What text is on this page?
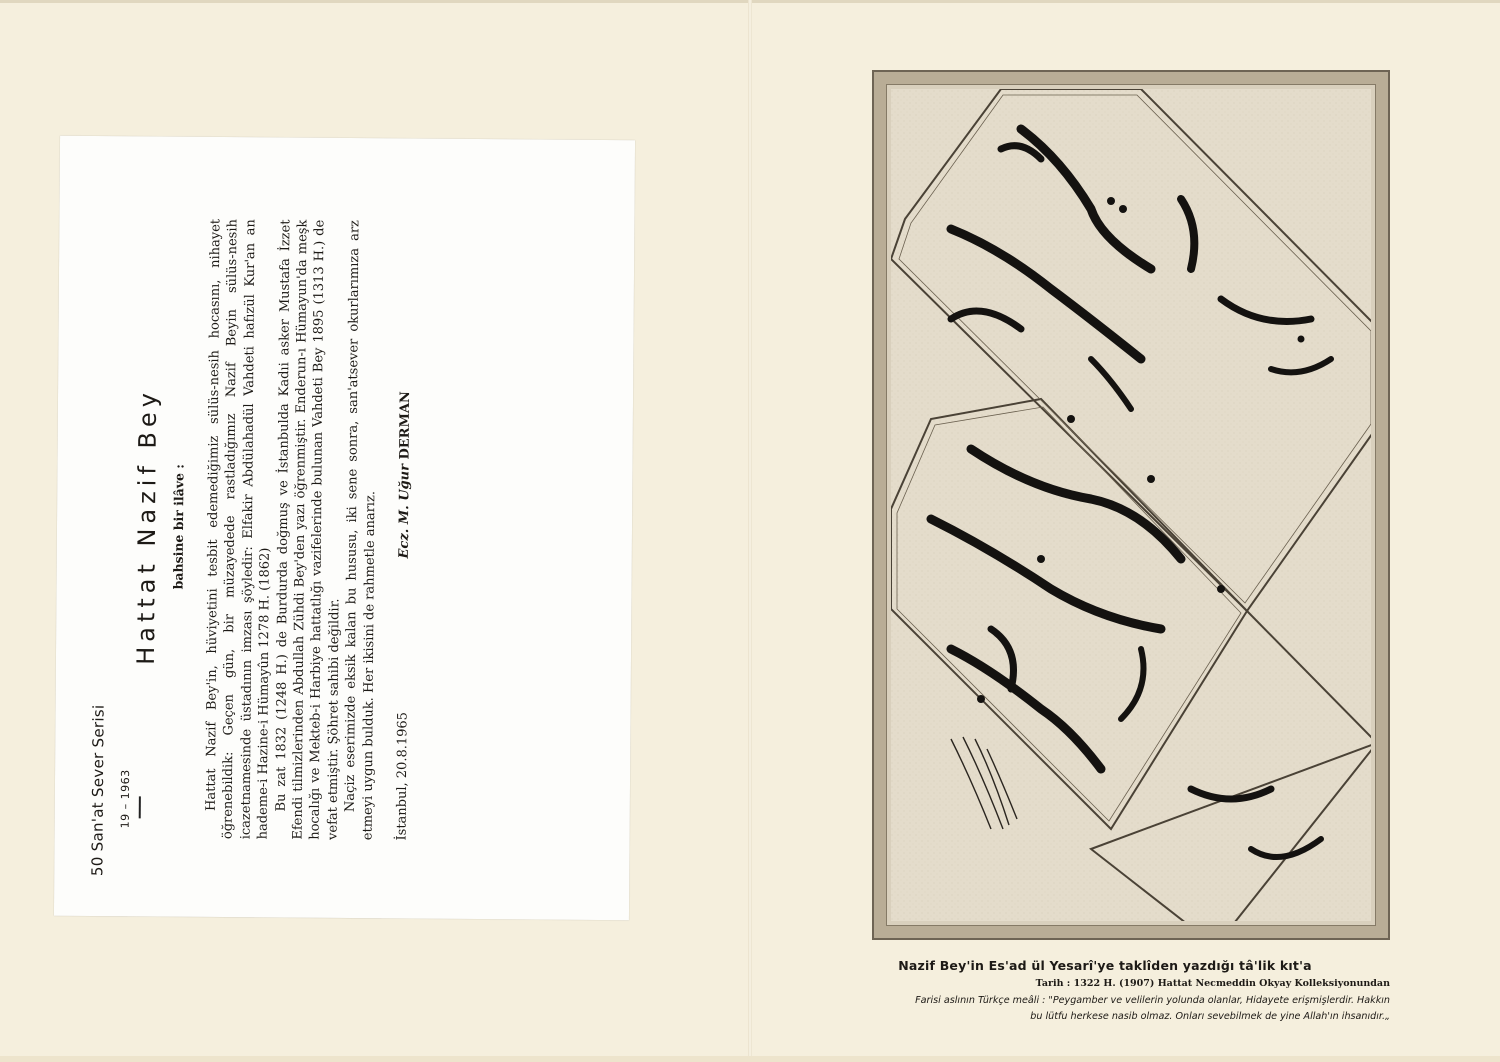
50 San'at Sever Serisi 19 – 1963
Hattat Nazif Bey bahsine bir ilâve : Hattat Nazif Bey'in, hüviyetini tesbit edemediğimiz sülüs-nesih hocasını, nihayet öğrenebildik: Geçen gün, bir müzayedede rastladığımız Nazif Beyin sülüs-nesih icazetnamesinde üstadının imzası şöyledir: Elfakir Abdülahadül Vahdeti hafızül Kur'an an hademe-i Hazine-i Hümayûn 1278 H. (1862) Bu zat 1832 (1248 H.) de Burdurda doğmuş ve İstanbulda Kadıi asker Mustafa İzzet Efendi tilmizlerinden Abdullah Zühdi Bey'den yazı öğrenmiştir. Enderun-ı Hümayun'da meşk hocalığı ve Mekteb-i Harbiye hattatlığı vazifelerinde bulunan Vahdeti Bey 1895 (1313 H.) de vefat etmiştir. Şöhret sahibi değildir. Naçiz eserimizde eksik kalan bu hususu, iki sene sonra, san'atsever okurlarımıza arz etmeyi uygun bulduk. Her ikisini de rahmetle anarız. İstanbul, 20.8.1965
Ecz. M. Uğur DERMAN
Nazif Bey'in Es'ad ül Yesarî'ye taklîden yazdığı tâ'lik kıt'a
Tarih : 1322 H. (1907) Hattat Necmeddin Okyay Kolleksiyonundan
Farisi aslının Türkçe meâli : "Peygamber ve velilerin yolunda olanlar, Hidayete erişmişlerdir. Hakkın
bu lütfu herkese nasib olmaz. Onları sevebilmek de yine Allah'ın ihsanıdır.„
